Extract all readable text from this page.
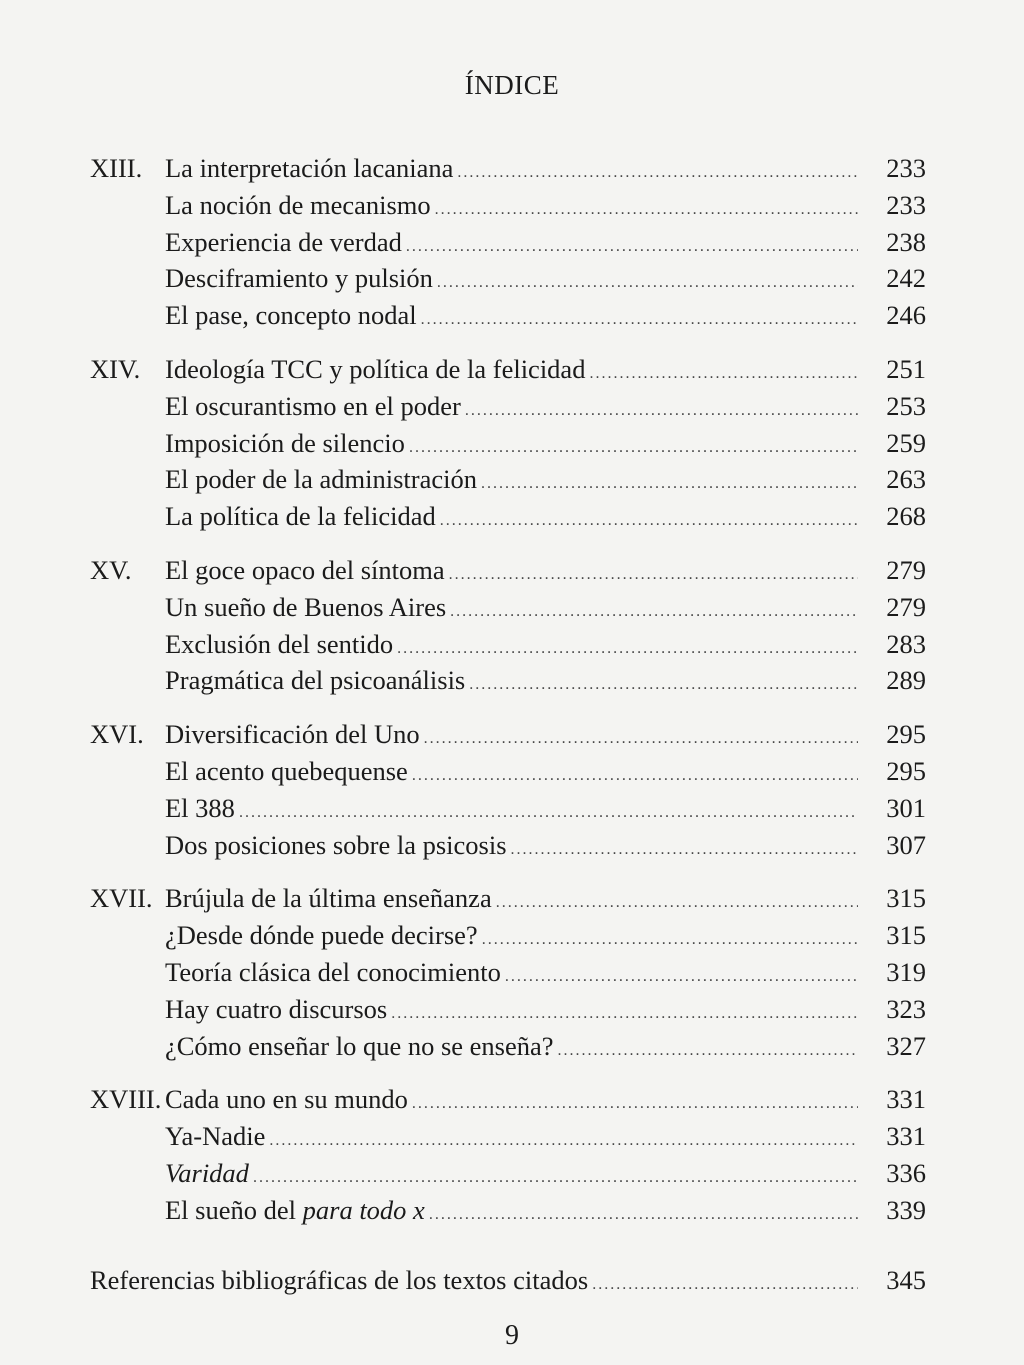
ÍNDICE
XIII. La interpretación lacaniana .....	233
La noción de mecanismo .....	233
Experiencia de verdad .....	238
Desciframiento y pulsión .....	242
El pase, concepto nodal .....	246
XIV. Ideología TCC y política de la felicidad .....	251
El oscurantismo en el poder .....	253
Imposición de silencio .....	259
El poder de la administración .....	263
La política de la felicidad .....	268
XV.	El goce opaco del síntoma .....	279
Un sueño de Buenos Aires .....	279
Exclusión del sentido .....	283
Pragmática del psicoanálisis .....	289
XVI. Diversificación del Uno .....	295
El acento quebequense .....	295
El 388 .....	301
Dos posiciones sobre la psicosis .....	307
XVII. Brújula de la última enseñanza .....	315
¿Desde dónde puede decirse? .....	315
Teoría clásica del conocimiento .....	319
Hay cuatro discursos .....	323
¿Cómo enseñar lo que no se enseña? .....	327
XVIII. Cada uno en su mundo .....	331
Ya-Nadie .....	331
Varidad .....	336
El sueño del para todo x .....	339
Referencias bibliográficas de los textos citados .....	345
9
